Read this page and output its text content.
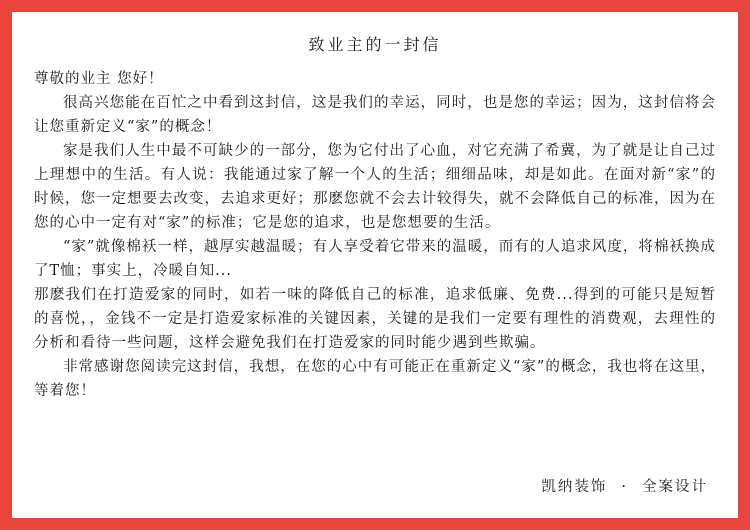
致业主的一封信

尊敬的业主 您好！

很高兴您能在百忙之中看到这封信，这是我们的幸运，同时，也是您的幸运；因为，这封信将会让您重新定义“家”的概念！

家是我们人生中最不可缺少的一部分，您为它付出了心血，对它充满了希冀，为了就是让自己过上理想中的生活。有人说：我能通过家了解一个人的生活；细细品味，却是如此。在面对新“家”的时候，您一定想要去改变，去追求更好；那麽您就不会去计较得失，就不会降低自己的标准，因为在您的心中一定有对“家”的标准；它是您的追求，也是您想要的生活。

“家”就像棉袄一样，越厚实越温暖；有人享受着它带来的温暖，而有的人追求风度，将棉袄换成了T恤；事实上，冷暖自知...

那麽我们在打造爱家的同时，如若一味的降低自己的标准，追求低廉、免费...得到的可能只是短暂的喜悦，，金钱不一定是打造爱家标准的关键因素，关键的是我们一定要有理性的消费观，去理性的分析和看待一些问题，这样会避免我们在打造爱家的同时能少遇到些欺骗。

非常感谢您阅读完这封信，我想，在您的心中有可能正在重新定义“家”的概念，我也将在这里，等着您！

凯纳装饰 · 全案设计
